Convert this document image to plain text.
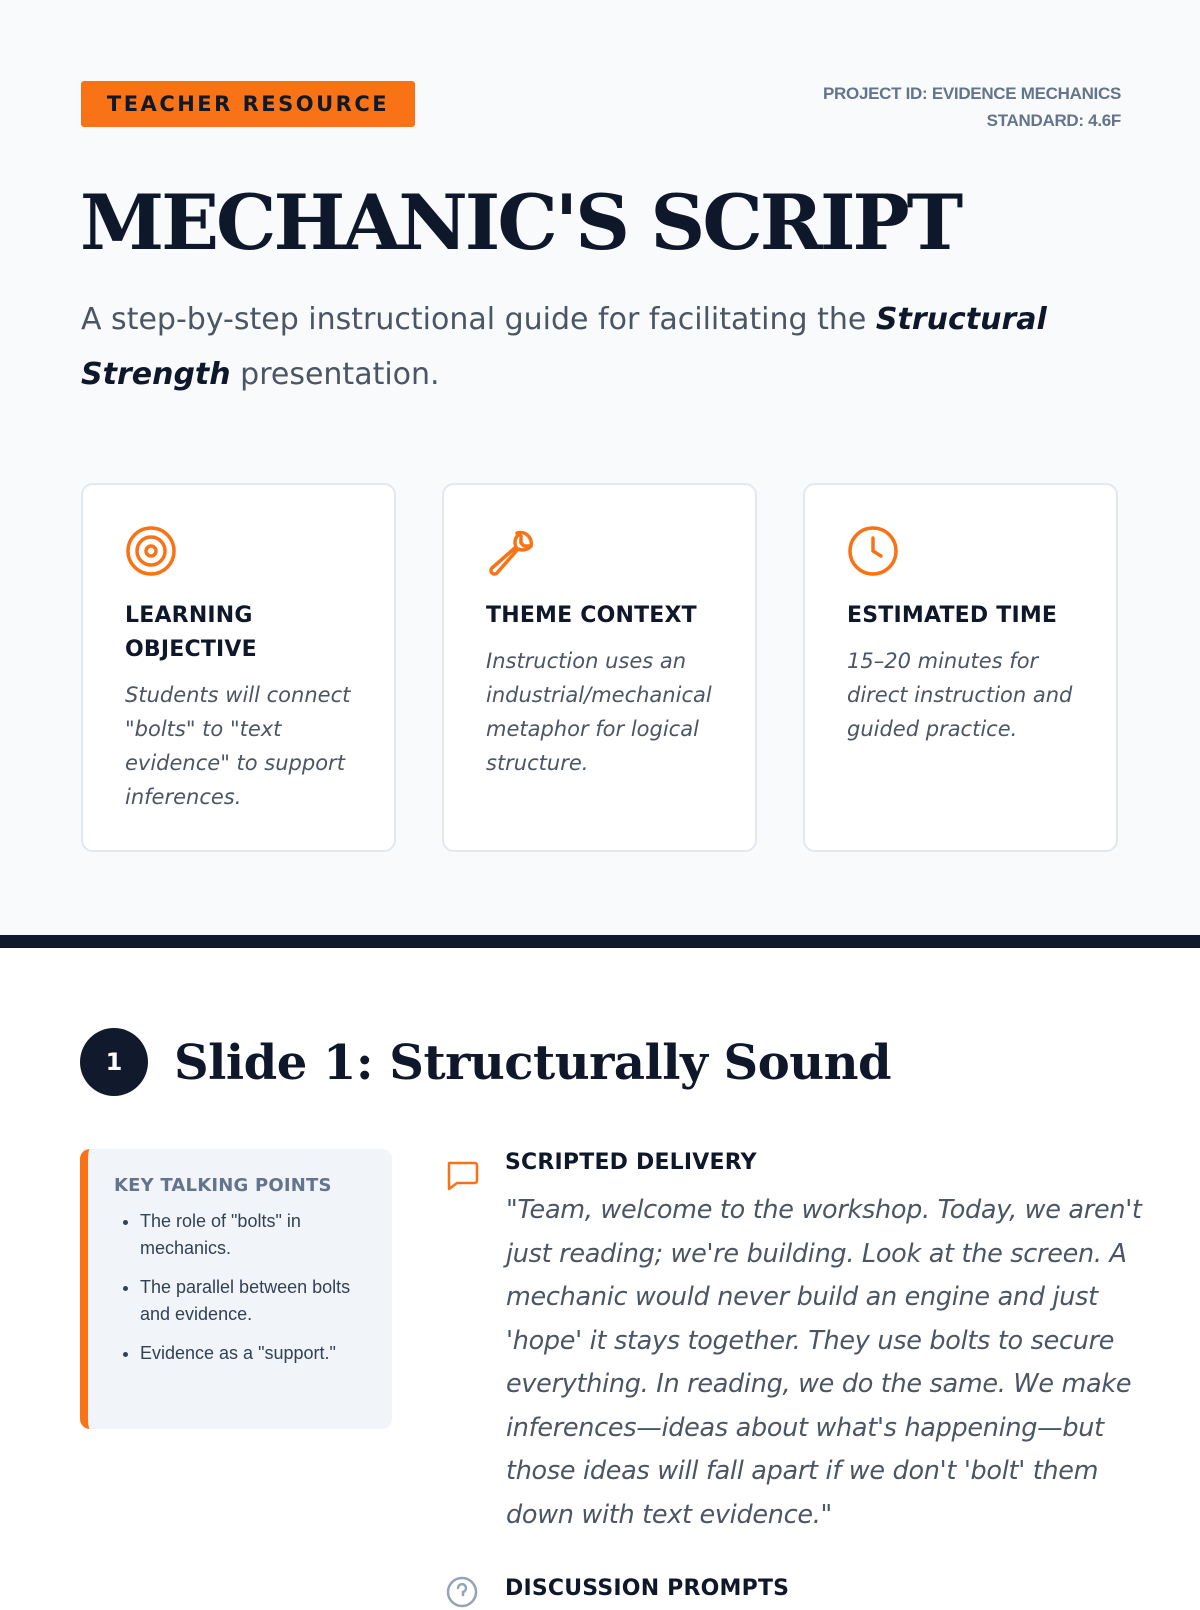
TEACHER RESOURCE	PROJECT ID: EVIDENCE MECHANICS
STANDARD: 4.6F
MECHANIC'S SCRIPT

A step-by-step instructional guide for facilitating the Structural Strength presentation.

LEARNING OBJECTIVE

Students will connect "bolts" to "text evidence" to support inferences.

THEME CONTEXT

Instruction uses an industrial/mechanical metaphor for logical structure.

ESTIMATED TIME

15–20 minutes for direct instruction and guided practice.

1	Slide 1: Structurally Sound
KEY TALKING POINTS
• The role of "bolts" in mechanics.
• The parallel between bolts and evidence.
• Evidence as a "support."
SCRIPTED DELIVERY

"Team, welcome to the workshop. Today, we aren't just reading; we're building. Look at the screen. A mechanic would never build an engine and just 'hope' it stays together. They use bolts to secure everything. In reading, we do the same. We make inferences—ideas about what's happening—but those ideas will fall apart if we don't 'bolt' them down with text evidence."

DISCUSSION PROMPTS
